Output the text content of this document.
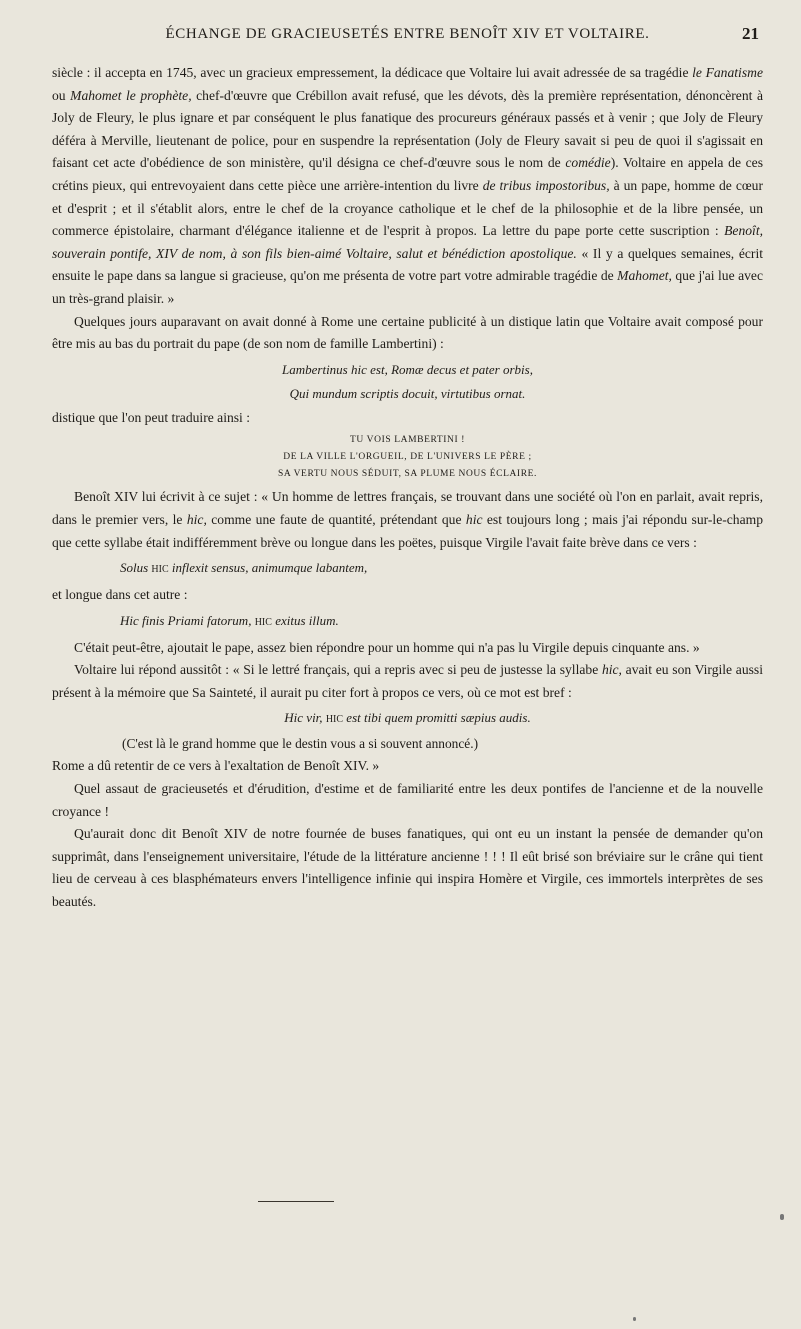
ÉCHANGE DE GRACIEUSETÉS ENTRE BENOÎT XIV ET VOLTAIRE.	21

siècle : il accepta en 1745, avec un gracieux empressement, la dédicace que Voltaire lui avait adressée de sa tragédie le Fanatisme ou Mahomet le prophète, chef-d'œuvre que Crébillon avait refusé, que les dévots, dès la première représentation, dénoncèrent à Joly de Fleury, le plus ignare et par conséquent le plus fanatique des procureurs généraux passés et à venir ; que Joly de Fleury déféra à Merville, lieutenant de police, pour en suspendre la représentation (Joly de Fleury savait si peu de quoi il s'agissait en faisant cet acte d'obédience de son ministère, qu'il désigna ce chef-d'œuvre sous le nom de comédie). Voltaire en appela de ces crétins pieux, qui entrevoyaient dans cette pièce une arrière-intention du livre de tribus impostoribus, à un pape, homme de cœur et d'esprit ; et il s'établit alors, entre le chef de la croyance catholique et le chef de la philosophie et de la libre pensée, un commerce épistolaire, charmant d'élégance italienne et de l'esprit à propos. La lettre du pape porte cette suscription : Benoît, souverain pontife, XIV de nom, à son fils bien-aimé Voltaire, salut et bénédiction apostolique. « Il y a quelques semaines, écrit ensuite le pape dans sa langue si gracieuse, qu'on me présenta de votre part votre admirable tragédie de Mahomet, que j'ai lue avec un très-grand plaisir. »

Quelques jours auparavant on avait donné à Rome une certaine publicité à un distique latin que Voltaire avait composé pour être mis au bas du portrait du pape (de son nom de famille Lambertini) :

Lambertinus hic est, Romæ decus et pater orbis,
Qui mundum scriptis docuit, virtutibus ornat.

distique que l'on peut traduire ainsi :

TU VOIS LAMBERTINI !
DE LA VILLE L'ORGUEIL, DE L'UNIVERS LE PÈRE ;
SA VERTU NOUS SÉDUIT, SA PLUME NOUS ÉCLAIRE.

Benoît XIV lui écrivit à ce sujet : « Un homme de lettres français, se trouvant dans une société où l'on en parlait, avait repris, dans le premier vers, le hic, comme une faute de quantité, prétendant que hic est toujours long ; mais j'ai répondu sur-le-champ que cette syllabe était indifféremment brève ou longue dans les poëtes, puisque Virgile l'avait faite brève dans ce vers :

Solus HIC inflexit sensus, animumque labantem,

et longue dans cet autre :

Hic finis Priami fatorum, HIC exitus illum.

C'était peut-être, ajoutait le pape, assez bien répondre pour un homme qui n'a pas lu Virgile depuis cinquante ans. »

Voltaire lui répond aussitôt : « Si le lettré français, qui a repris avec si peu de justesse la syllabe hic, avait eu son Virgile aussi présent à la mémoire que Sa Sainteté, il aurait pu citer fort à propos ce vers, où ce mot est bref :

Hic vir, HIC est tibi quem promitti sæpius audis.
(C'est là le grand homme que le destin vous a si souvent annoncé.)

Rome a dû retentir de ce vers à l'exaltation de Benoît XIV. »

Quel assaut de gracieusetés et d'érudition, d'estime et de familiarité entre les deux pontifes de l'ancienne et de la nouvelle croyance !

Qu'aurait donc dit Benoît XIV de notre fournée de buses fanatiques, qui ont eu un instant la pensée de demander qu'on supprimât, dans l'enseignement universitaire, l'étude de la littérature ancienne ! ! ! Il eût brisé son bréviaire sur le crâne qui tient lieu de cerveau à ces blasphémateurs envers l'intelligence infinie qui inspira Homère et Virgile, ces immortels interprètes de ses beautés.
